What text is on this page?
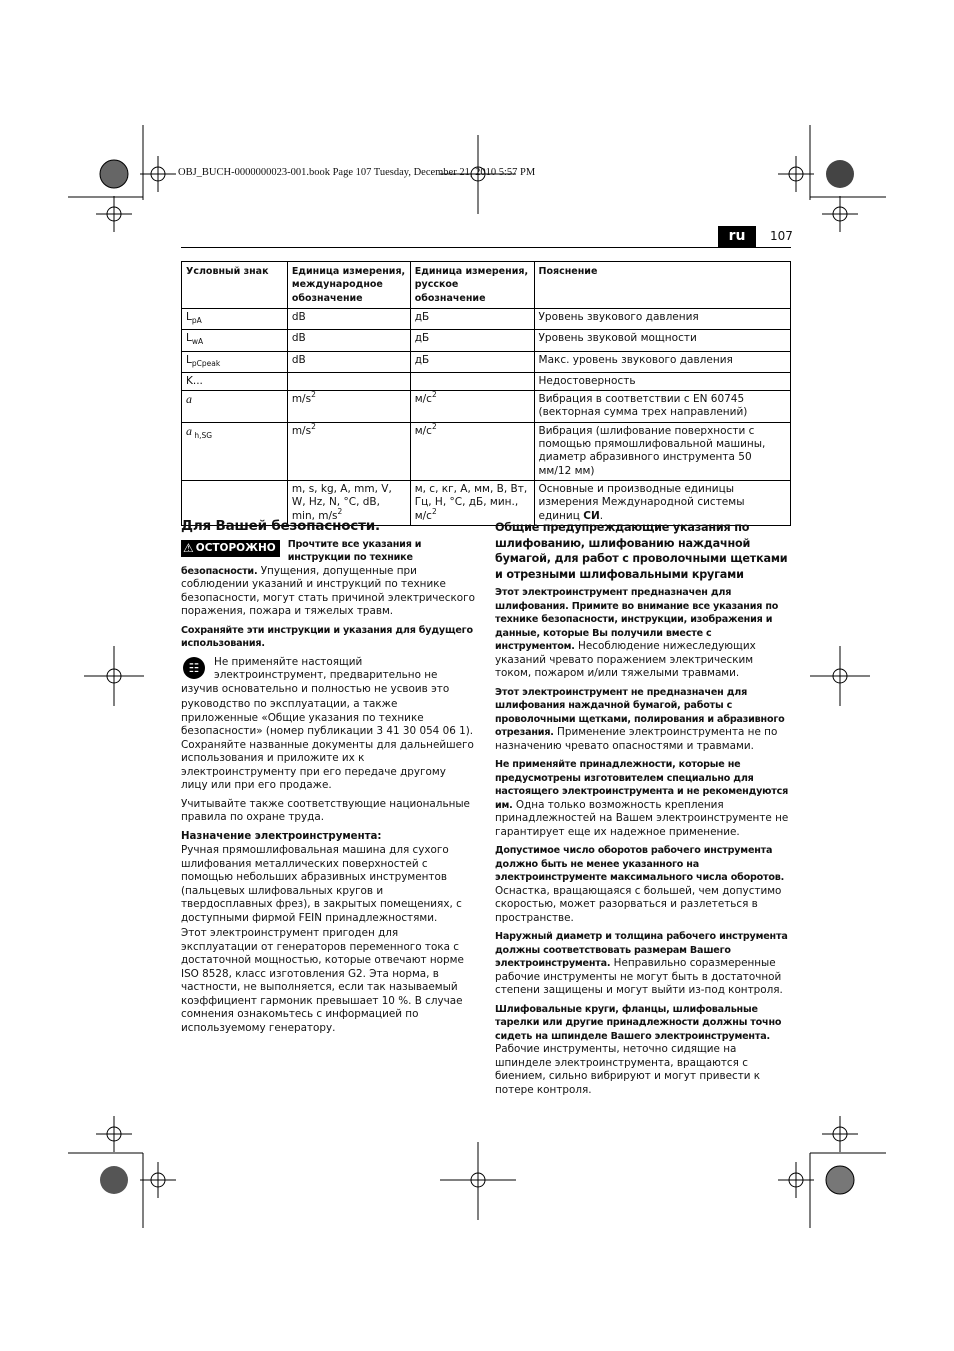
OBJ_BUCH-0000000023-001.book Page 107 Tuesday, December 21, 2010 5:57 PM
ru	107
Условный знак	Единица измерения, международное обозначение	Единица измерения, русское обозначение	Пояснение
$L_{pA}$	dB	дБ	Уровень звукового давления
$L_{wA}$	dB	дБ	Уровень звуковой мощности
$L_{pCpeak}$	dB	дБ	Макс. уровень звукового давления
K...			Недостоверность
a	$m/s^2$	$м/с^2$	Вибрация в соответствии с EN 60745 (векторная сумма трех направлений)
a $_{h,SG}$	$m/s^2$	$м/с^2$	Вибрация (шлифование поверхности с помощью прямошлифовальной машины, диаметр абразивного инструмента 50 мм/12 мм)
	m, s, kg, A, mm, V, W, Hz, N, °C, dB, min, $m/s^2$	м, с, кг, А, мм, В, Вт, Гц, Н, °C, дБ, мин., $м/с^2$	Основные и производные единицы измерения Международной системы единиц СИ.
Для Вашей безопасности.

⚠ ОСТОРОЖНО Прочтите все указания и инструкции по технике безопасности. Упущения, допущенные при соблюдении указаний и инструкций по технике безопасности, могут стать причиной электрического поражения, пожара и тяжелых травм.

Сохраняйте эти инструкции и указания для будущего использования.

☷	Не применяйте настоящий электроинструмент, предварительно не изучив основательно и полностью не усвоив это

руководство по эксплуатации, а также приложенные «Общие указания по технике безопасности» (номер публикации 3 41 30 054 06 1). Сохраняйте названные документы для дальнейшего использования и приложите их к электроинструменту при его передаче другому лицу или при его продаже.

Учитывайте также соответствующие национальные правила по охране труда.

Назначение электроинструмента:

Ручная прямошлифовальная машина для сухого шлифования металлических поверхностей с помощью небольших абразивных инструментов (пальцевых шлифовальных кругов и твердосплавных фрез), в закрытых помещениях, с доступными фирмой FEIN принадлежностями.

Этот электроинструмент пригоден для эксплуатации от генераторов переменного тока с достаточной мощностью, которые отвечают норме ISO 8528, класс изготовления G2. Эта норма, в частности, не выполняется, если так называемый коэффициент гармоник превышает 10 %. В случае сомнения ознакомьтесь с информацией по используемому генератору.

Общие предупреждающие указания по шлифованию, шлифованию наждачной бумагой, для работ с проволочными щетками и отрезными шлифовальными кругами

Этот электроинструмент предназначен для шлифования. Примите во внимание все указания по технике безопасности, инструкции, изображения и данные, которые Вы получили вместе с инструментом. Несоблюдение нижеследующих указаний чревато поражением электрическим током, пожаром и/или тяжелыми травмами.

Этот электроинструмент не предназначен для шлифования наждачной бумагой, работы с проволочными щетками, полирования и абразивного отрезания. Применение электроинструмента не по назначению чревато опасностями и травмами.

Не применяйте принадлежности, которые не предусмотрены изготовителем специально для настоящего электроинструмента и не рекомендуются им. Одна только возможность крепления принадлежностей на Вашем электроинструменте не гарантирует еще их надежное применение.

Допустимое число оборотов рабочего инструмента должно быть не менее указанного на электроинструменте максимального числа оборотов. Оснастка, вращающаяся с большей, чем допустимо скоростью, может разорваться и разлететься в пространстве.

Наружный диаметр и толщина рабочего инструмента должны соответствовать размерам Вашего электроинструмента. Неправильно соразмеренные рабочие инструменты не могут быть в достаточной степени защищены и могут выйти из-под контроля.

Шлифовальные круги, фланцы, шлифовальные тарелки или другие принадлежности должны точно сидеть на шпинделе Вашего электроинструмента. Рабочие инструменты, неточно сидящие на шпинделе электроинструмента, вращаются с биением, сильно вибрируют и могут привести к потере контроля.
